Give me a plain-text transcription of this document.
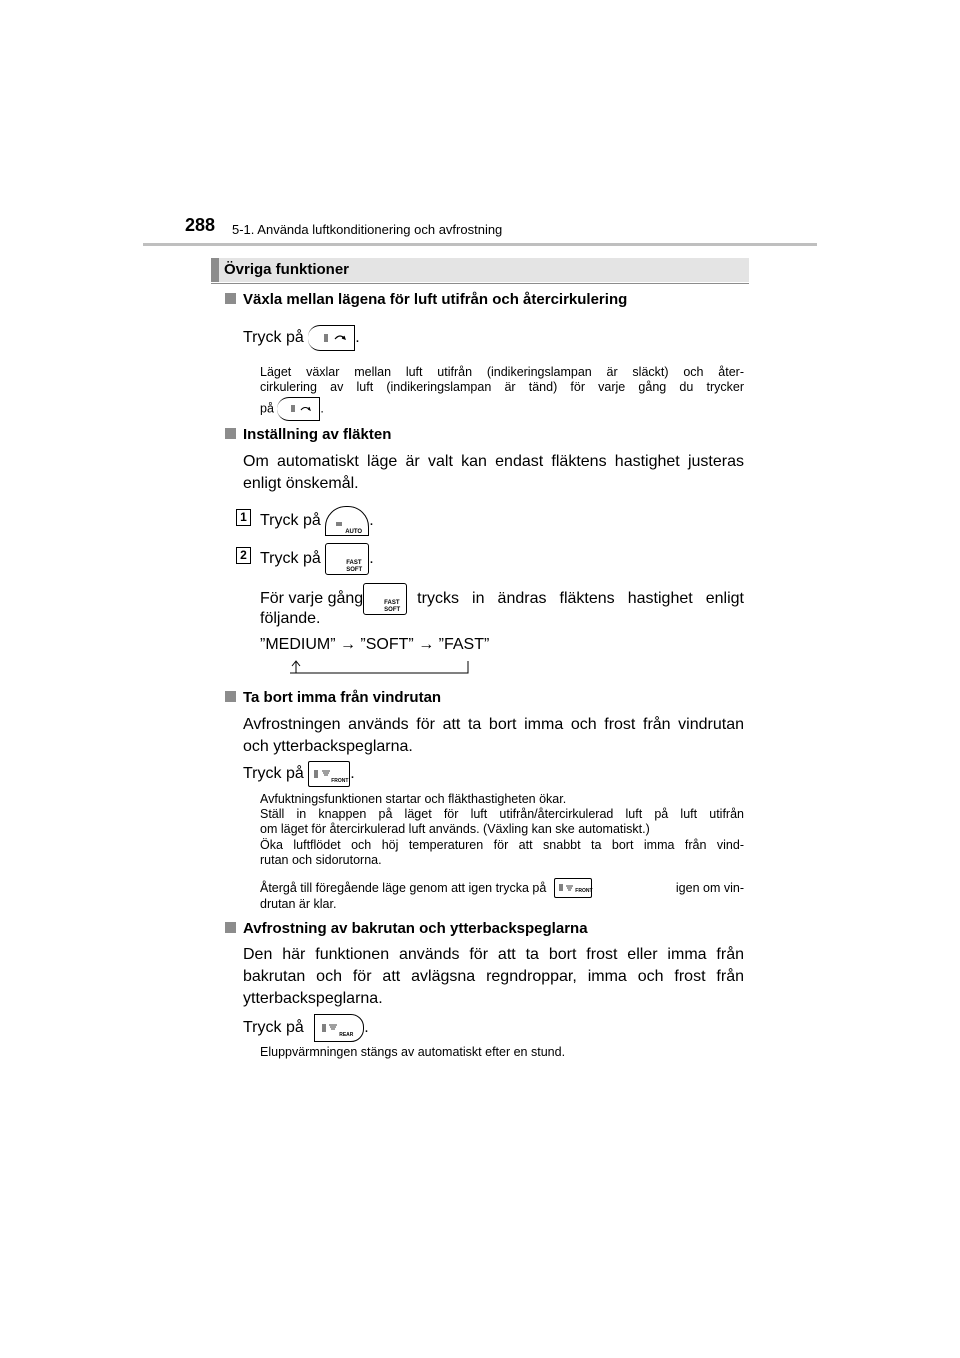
288 5-1. Använda luftkonditionering och avfrostning
Övriga funktioner
Växla mellan lägena för luft utifrån och återcirkulering
Tryck på	.
Läget växlar mellan luft utifrån (indikeringslampan är släckt) och åter-
cirkulering av luft (indikeringslampan är tänd) för varje gång du trycker
på	.
Inställning av fläkten
Om automatiskt läge är valt kan endast fläktens hastighet justeras
enligt önskemål.
1 Tryck på
AUTO
.
2 Tryck på	FAST
SOFT
.
För varje gång	FAST
SOFT
trycks in ändras fläktens hastighet enligt
följande.
”MEDIUM” → ”SOFT” → ”FAST”
Ta bort imma från vindrutan
Avfrostningen används för att ta bort imma och frost från vindrutan
och ytterbackspeglarna.
Tryck på	FRONT .
Avfuktningsfunktionen startar och fläkthastigheten ökar.
Ställ in knappen på läget för luft utifrån/återcirkulerad luft på luft utifrån
om läget för återcirkulerad luft används. (Växling kan ske automatiskt.)
Öka luftflödet och höj temperaturen för att snabbt ta bort imma från vind-
rutan och sidorutorna.
Återgå till föregående läge genom att igen trycka på	FRONT	igen om vin-
drutan är klar.
Avfrostning av bakrutan och ytterbackspeglarna
Den här funktionen används för att ta bort frost eller imma från
bakrutan och för att avlägsna regndroppar, imma och frost från
ytterbackspeglarna.
Tryck på	REAR .
Eluppvärmningen stängs av automatiskt efter en stund.
